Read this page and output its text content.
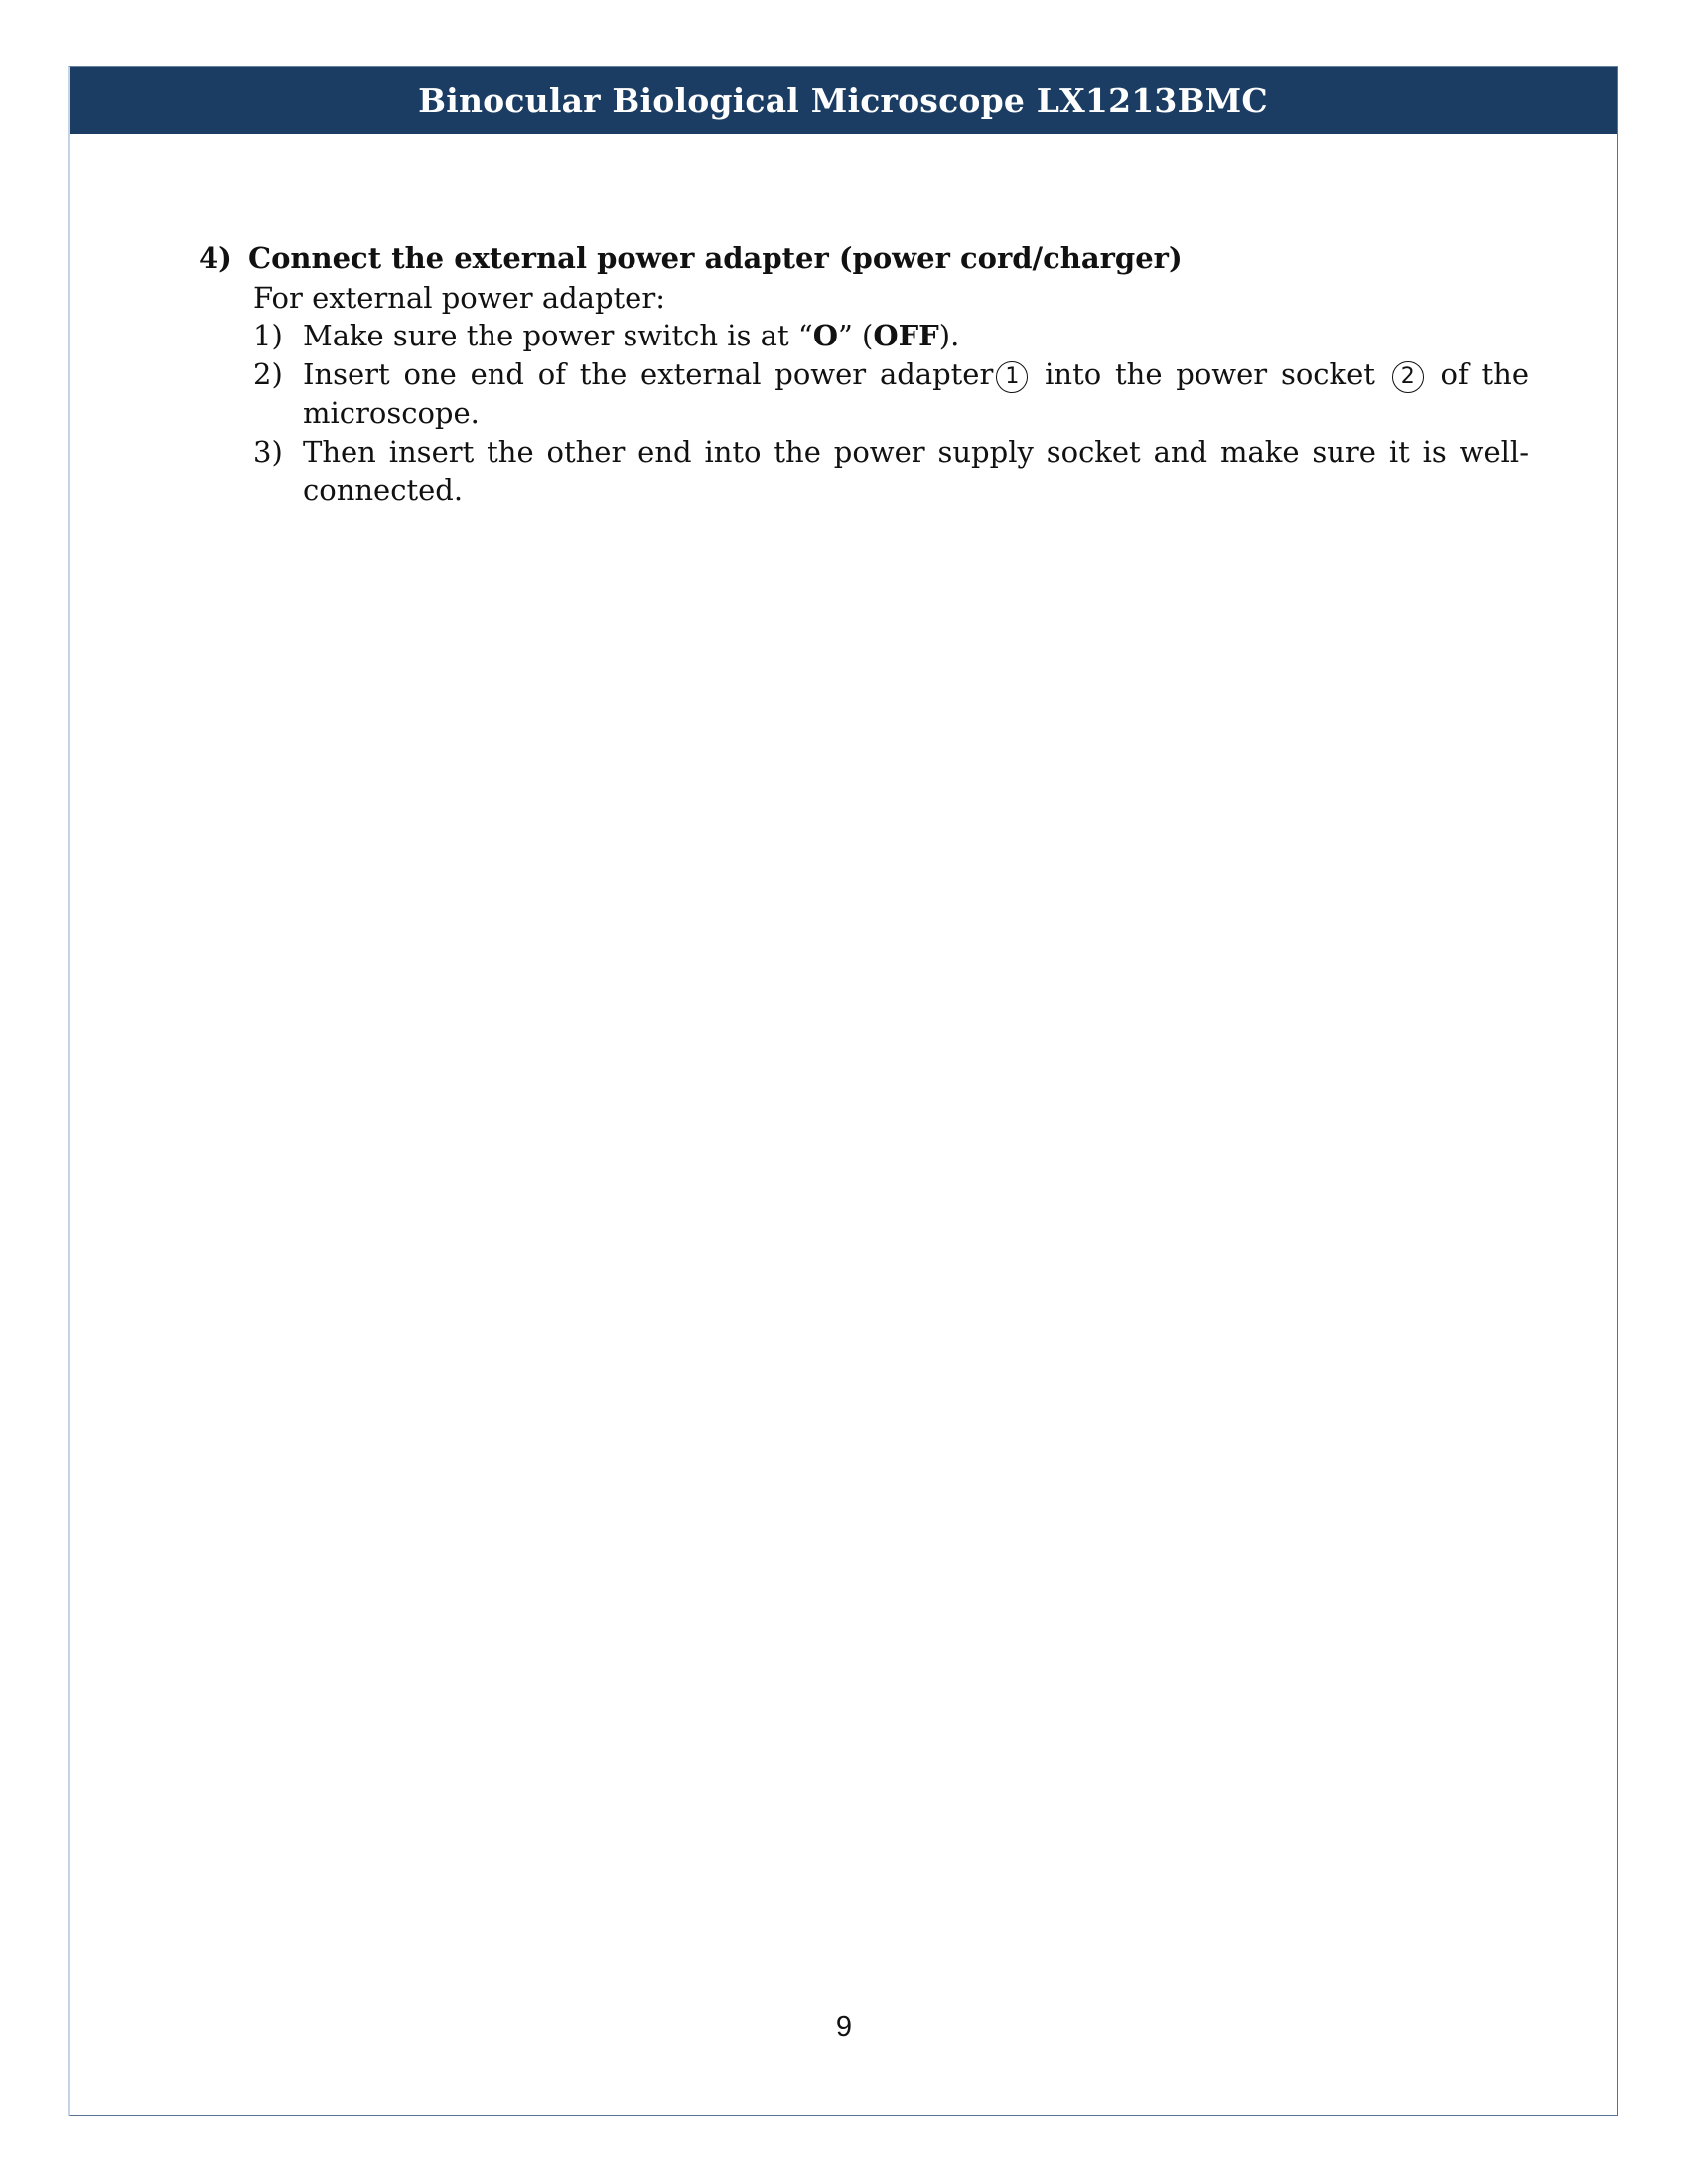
Binocular Biological Microscope LX1213BMC
4) Connect the external power adapter (power cord/charger)
For external power adapter:
1) Make sure the power switch is at “O” (OFF).
2) Insert one end of the external power adapter 1 into the power socket 2 of the microscope.
3) Then insert the other end into the power supply socket and make sure it is well-connected.
9
